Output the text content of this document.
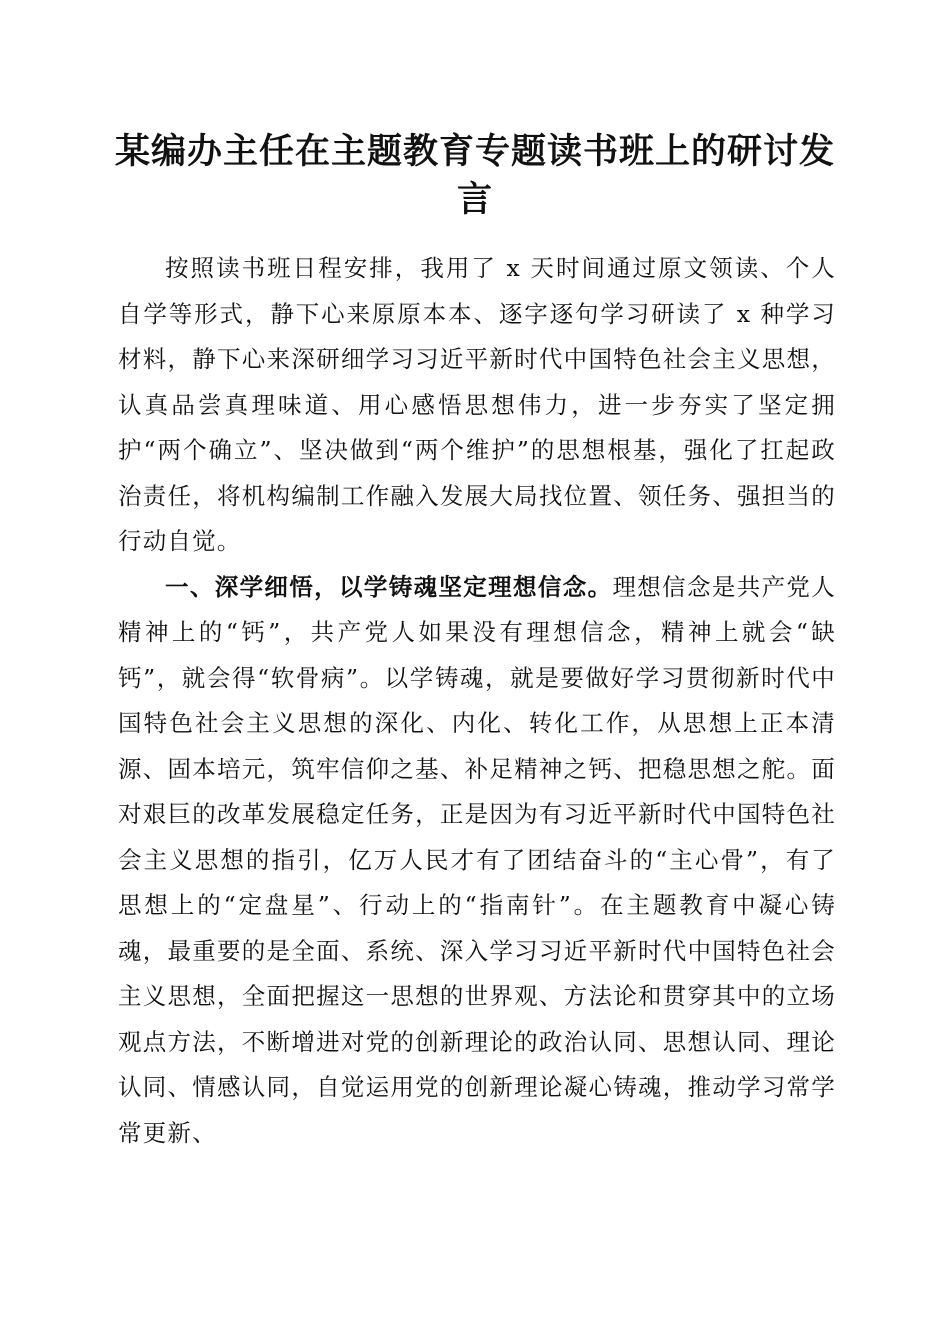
某编办主任在主题教育专题读书班上的研讨发言

按照读书班日程安排，我用了 x 天时间通过原文领读、个人自学等形式，静下心来原原本本、逐字逐句学习研读了 x 种学习材料，静下心来深研细学习习近平新时代中国特色社会主义思想，认真品尝真理味道、用心感悟思想伟力，进一步夯实了坚定拥护“两个确立”、坚决做到“两个维护”的思想根基，强化了扛起政治责任，将机构编制工作融入发展大局找位置、领任务、强担当的行动自觉。

一、深学细悟，以学铸魂坚定理想信念。理想信念是共产党人精神上的“钙”，共产党人如果没有理想信念，精神上就会“缺钙”，就会得“软骨病”。以学铸魂，就是要做好学习贯彻新时代中国特色社会主义思想的深化、内化、转化工作，从思想上正本清源、固本培元，筑牢信仰之基、补足精神之钙、把稳思想之舵。面对艰巨的改革发展稳定任务，正是因为有习近平新时代中国特色社会主义思想的指引，亿万人民才有了团结奋斗的“主心骨”，有了思想上的“定盘星”、行动上的“指南针”。在主题教育中凝心铸魂，最重要的是全面、系统、深入学习习近平新时代中国特色社会主义思想，全面把握这一思想的世界观、方法论和贯穿其中的立场观点方法，不断增进对党的创新理论的政治认同、思想认同、理论认同、情感认同，自觉运用党的创新理论凝心铸魂，推动学习常学常更新、
